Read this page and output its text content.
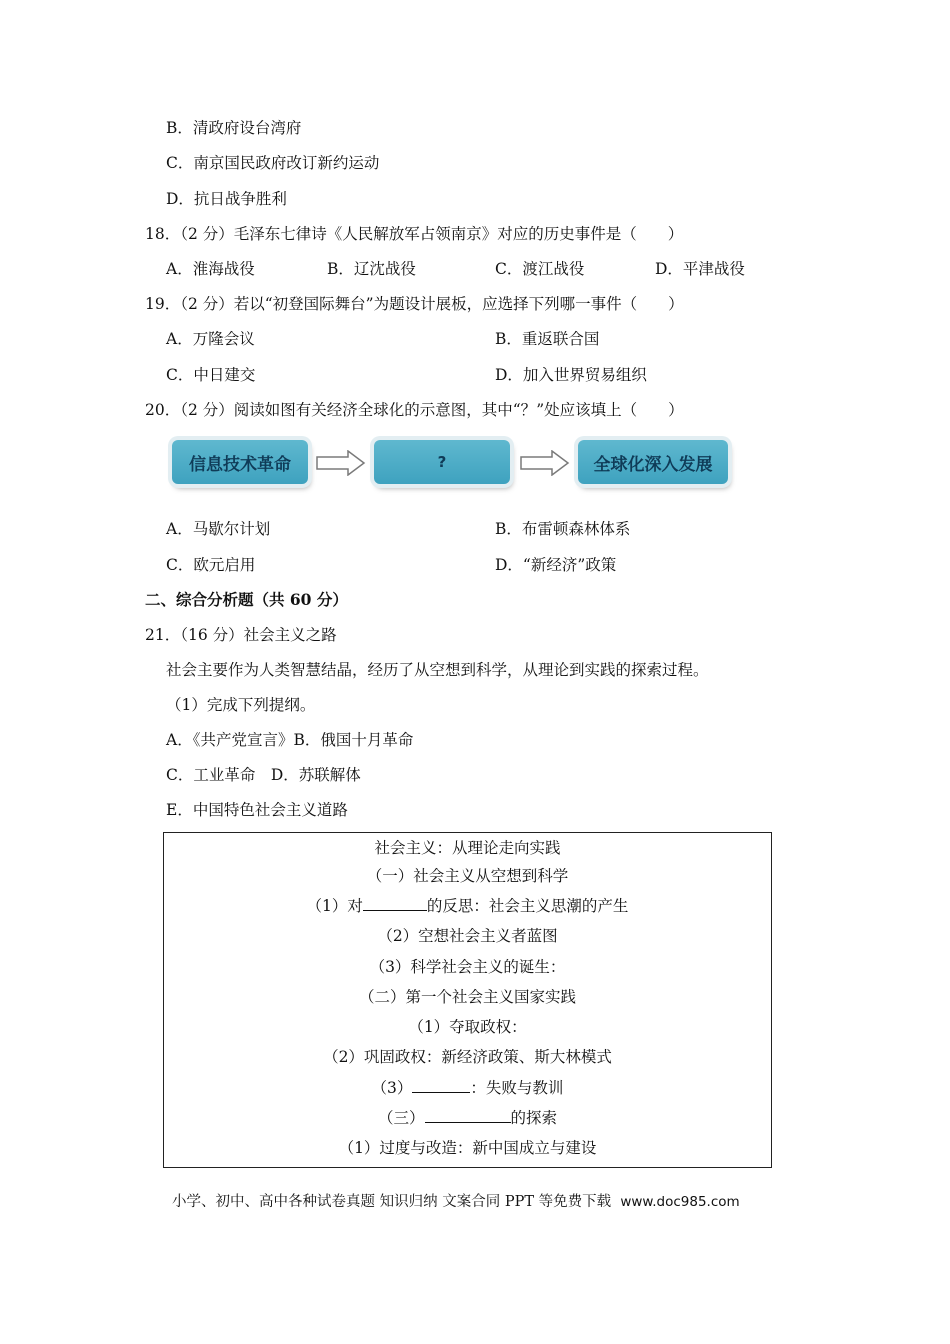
B．清政府设台湾府
C．南京国民政府改订新约运动
D．抗日战争胜利
18．（2 分）毛泽东七律诗《人民解放军占领南京》对应的历史事件是（　　）
A．淮海战役	B．辽沈战役	C．渡江战役	D．平津战役
19．（2 分）若以“初登国际舞台”为题设计展板，应选择下列哪一事件（　　）
A．万隆会议	B．重返联合国
C．中日建交	D．加入世界贸易组织
20．（2 分）阅读如图有关经济全球化的示意图，其中“？”处应该填上（　　）
信息技术革命	?	全球化深入发展
A．马歇尔计划	B．布雷顿森林体系
C．欧元启用	D．“新经济”政策
二、综合分析题（共 60 分）
21．（16 分）社会主义之路
社会主要作为人类智慧结晶，经历了从空想到科学，从理论到实践的探索过程。
（1）完成下列提纲。
A．《共产党宣言》B．俄国十月革命
C．工业革命　D．苏联解体
E．中国特色社会主义道路
社会主义：从理论走向实践
（一）社会主义从空想到科学
（1）对	的反思：社会主义思潮的产生
（2）空想社会主义者蓝图
（3）科学社会主义的诞生：
（二）第一个社会主义国家实践
（1）夺取政权：
（2）巩固政权：新经济政策、斯大林模式
（3）	：失败与教训
（三）	的探索
（1）过度与改造：新中国成立与建设
小学、初中、高中各种试卷真题 知识归纳 文案合同 PPT 等免费下载 www.doc985.com
